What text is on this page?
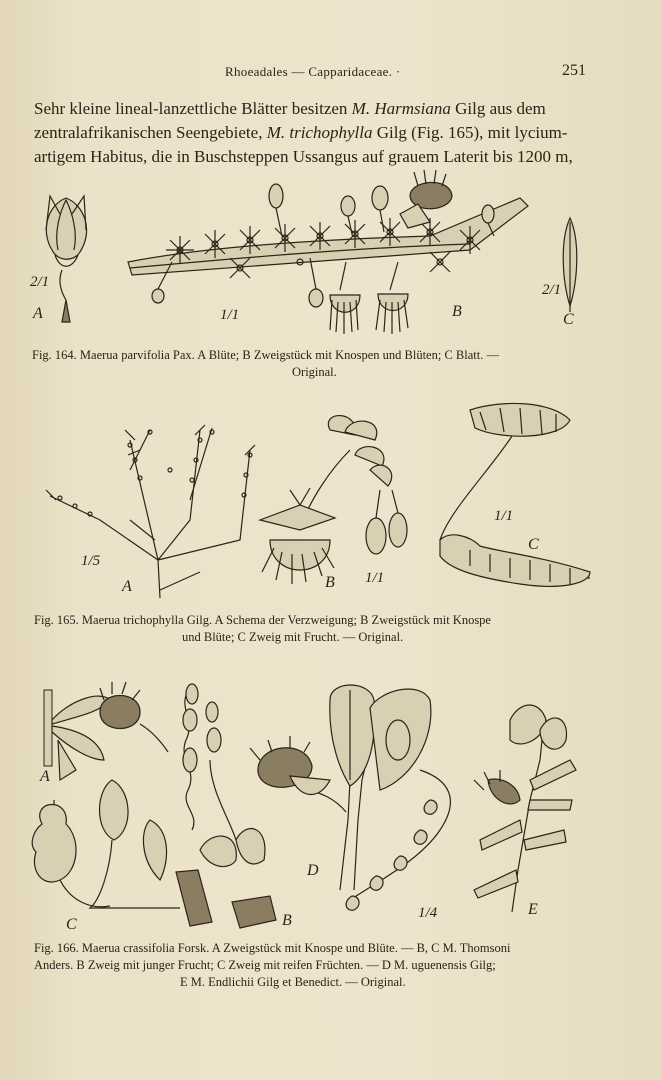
Rhoeadales — Capparidaceae. ·	251

Sehr kleine lineal-lanzettliche Blätter besitzen M. Harmsiana Gilg aus dem

zentralafrikanischen Seengebiete, M. trichophylla Gilg (Fig. 165), mit lycium-

artigem Habitus, die in Buschsteppen Ussangus auf grauem Laterit bis 1200 m,

2/1
A	1/1	B
2/1
C
Fig. 164. Maerua parvifolia Pax. A Blüte; B Zweigstück mit Knospen und Blüten; C Blatt. —
Original.
1/5
A	B 1/1
1/1
C
Fig. 165. Maerua trichophylla Gilg. A Schema der Verzweigung; B Zweigstück mit Knospe
und Blüte; C Zweig mit Frucht. — Original.
A
C	B
D
1/4	E
Fig. 166. Maerua crassifolia Forsk. A Zweigstück mit Knospe und Blüte. — B, C M. Thomsoni
Anders. B Zweig mit junger Frucht; C Zweig mit reifen Früchten. — D M. uguenensis Gilg;
E M. Endlichii Gilg et Benedict. — Original.
